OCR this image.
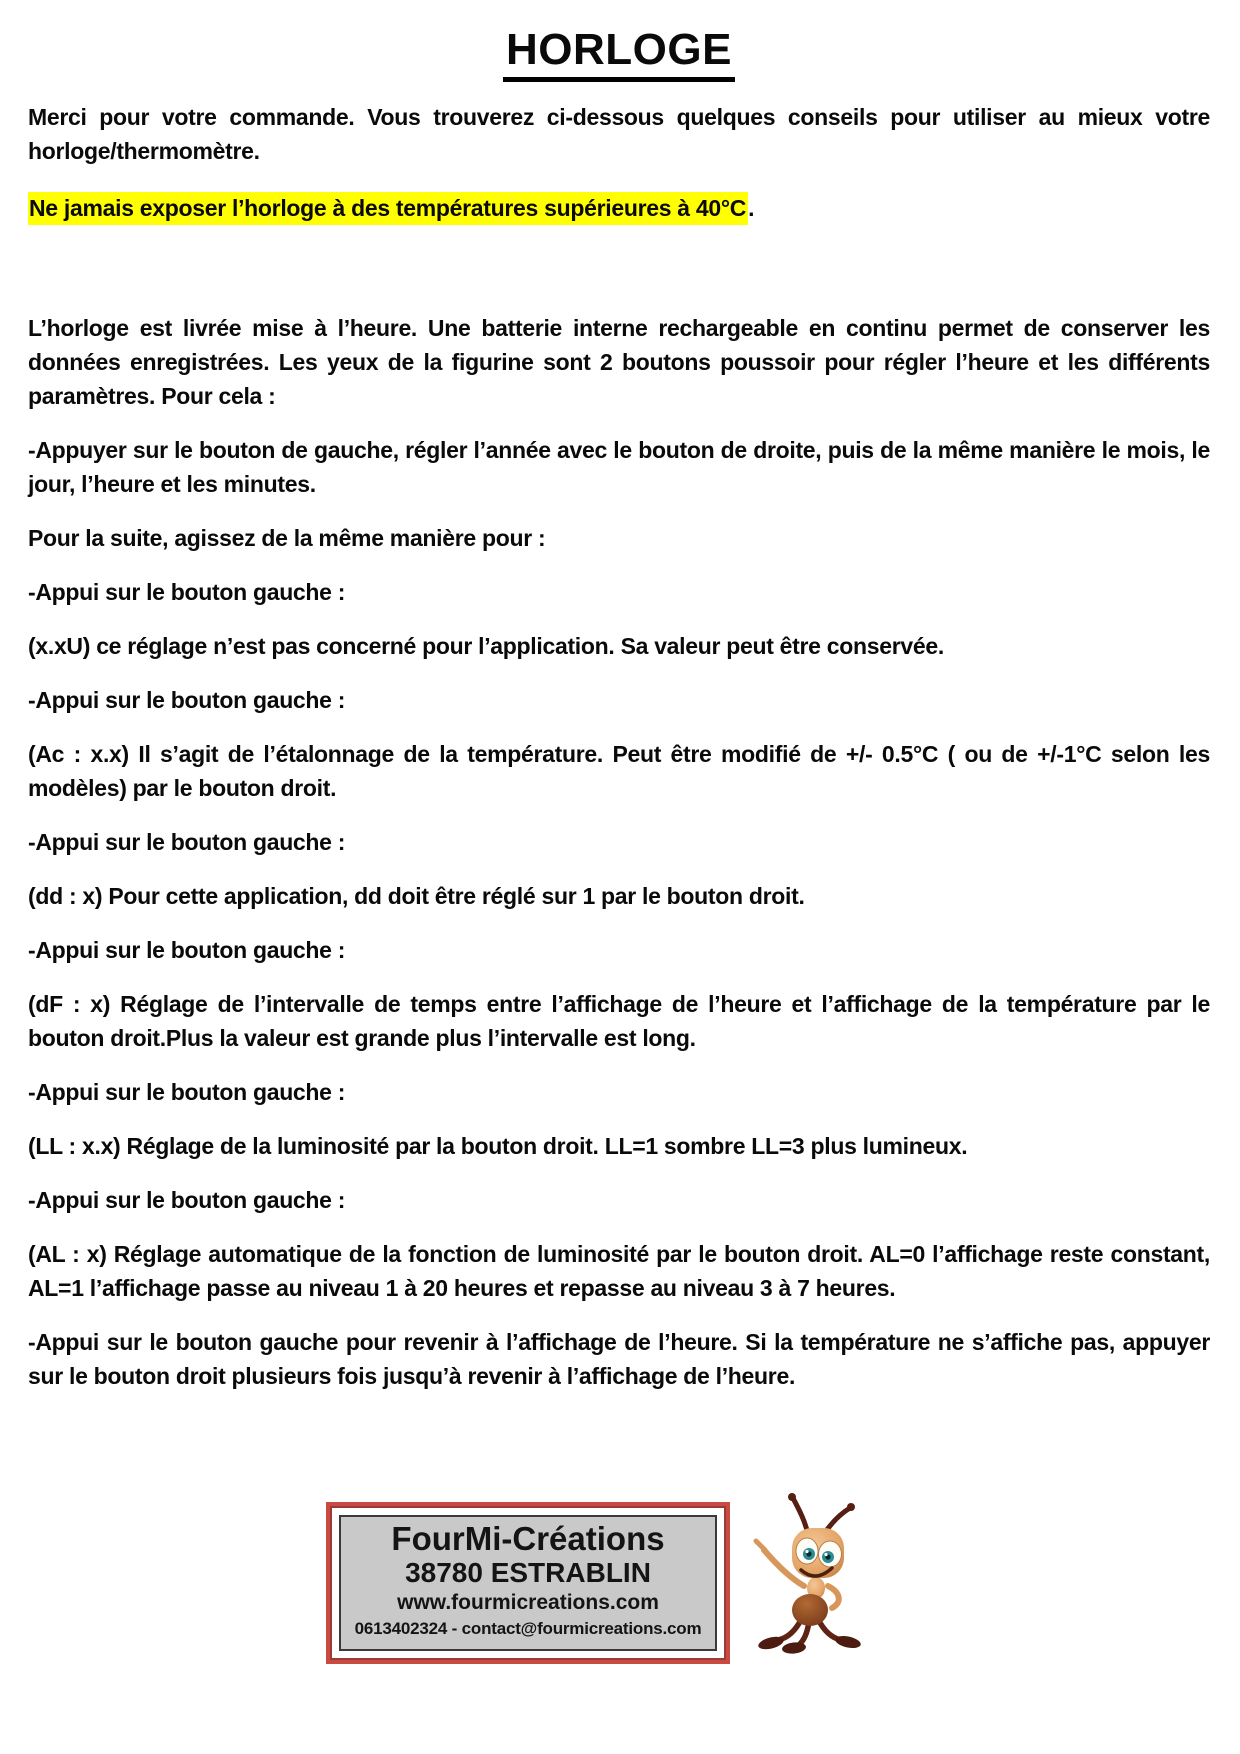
HORLOGE

Merci pour votre commande. Vous trouverez ci-dessous quelques conseils pour utiliser au mieux votre horloge/thermomètre.

Ne jamais exposer l’horloge à des températures supérieures à 40°C.

L’horloge est livrée mise à l’heure. Une batterie interne rechargeable en continu permet de conserver les données enregistrées. Les yeux de la figurine sont 2 boutons poussoir pour régler l’heure et les différents paramètres. Pour cela :

-Appuyer sur le bouton de gauche, régler l’année avec le bouton de droite, puis de la même manière le mois, le jour, l’heure et les minutes.

Pour la suite, agissez de la même manière pour :

-Appui sur le bouton gauche :

(x.xU) ce réglage n’est pas concerné pour l’application. Sa valeur peut être conservée.

-Appui sur le bouton gauche :

(Ac : x.x) Il s’agit de l’étalonnage de la température. Peut être modifié de +/- 0.5°C ( ou de +/-1°C selon les modèles) par le bouton droit.

-Appui sur le bouton gauche :

(dd : x) Pour cette application, dd doit être réglé sur 1 par le bouton droit.

-Appui sur le bouton gauche :

(dF : x) Réglage de l’intervalle de temps entre l’affichage de l’heure et l’affichage de la température par le bouton droit.Plus la valeur est grande plus l’intervalle est long.

-Appui sur le bouton gauche :

(LL : x.x) Réglage de la luminosité par la bouton droit. LL=1 sombre LL=3 plus lumineux.

-Appui sur le bouton gauche :

(AL : x) Réglage automatique de la fonction de luminosité par le bouton droit. AL=0 l’affichage reste constant, AL=1 l’affichage passe au niveau 1 à 20 heures et repasse au niveau 3 à 7 heures.

-Appui sur le bouton gauche pour revenir à l’affichage de l’heure. Si la température ne s’affiche pas, appuyer sur le bouton droit plusieurs fois jusqu’à revenir à l’affichage de l’heure.

FourMi-Créations
38780 ESTRABLIN
www.fourmicreations.com
0613402324 - contact@fourmicreations.com
